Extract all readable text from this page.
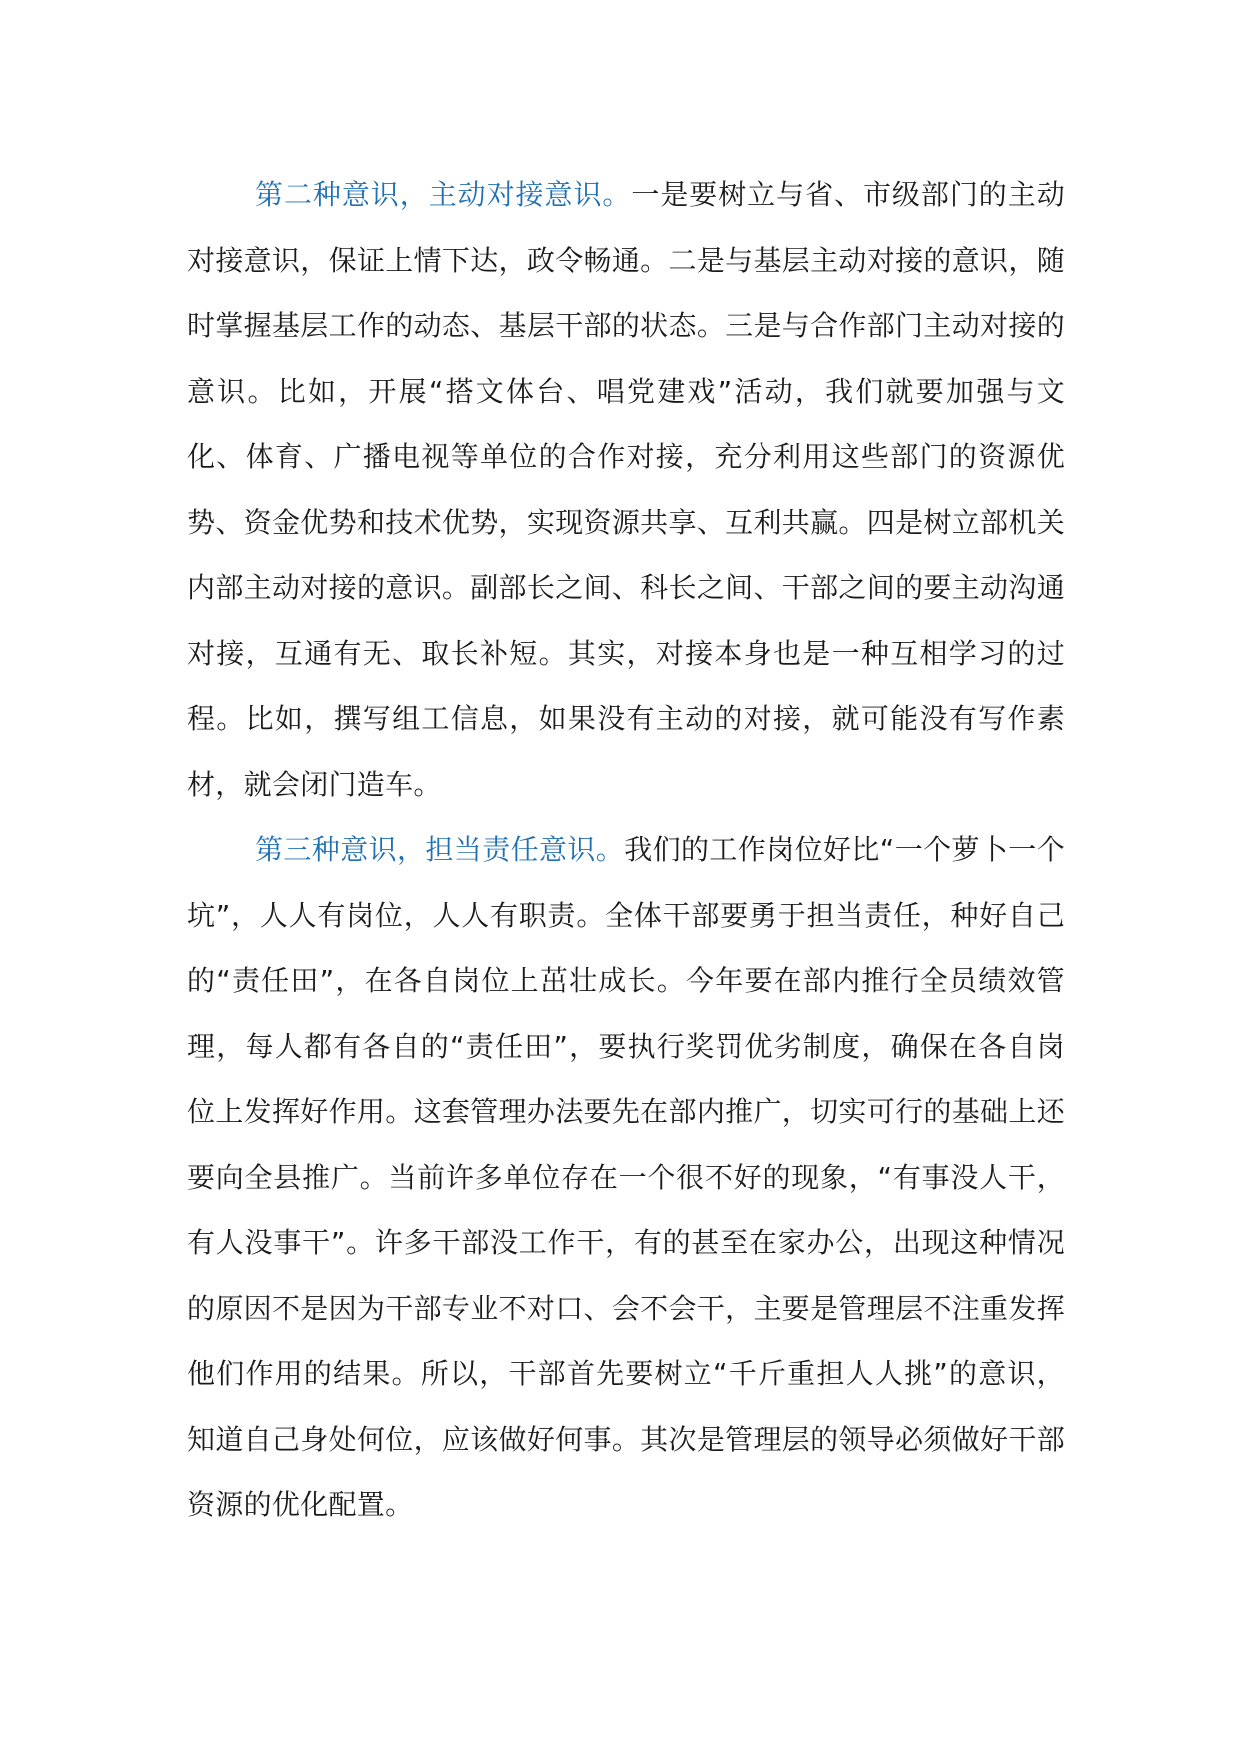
第二种意识，主动对接意识。一是要树立与省、市级部门的主动对接意识，保证上情下达，政令畅通。二是与基层主动对接的意识，随时掌握基层工作的动态、基层干部的状态。三是与合作部门主动对接的意识。比如，开展“搭文体台、唱党建戏”活动，我们就要加强与文化、体育、广播电视等单位的合作对接，充分利用这些部门的资源优势、资金优势和技术优势，实现资源共享、互利共赢。四是树立部机关内部主动对接的意识。副部长之间、科长之间、干部之间的要主动沟通对接，互通有无、取长补短。其实，对接本身也是一种互相学习的过程。比如，撰写组工信息，如果没有主动的对接，就可能没有写作素材，就会闭门造车。

第三种意识，担当责任意识。我们的工作岗位好比“一个萝卜一个坑”，人人有岗位，人人有职责。全体干部要勇于担当责任，种好自己的“责任田”，在各自岗位上茁壮成长。今年要在部内推行全员绩效管理，每人都有各自的“责任田”，要执行奖罚优劣制度，确保在各自岗位上发挥好作用。这套管理办法要先在部内推广，切实可行的基础上还要向全县推广。当前许多单位存在一个很不好的现象，“有事没人干，有人没事干”。许多干部没工作干，有的甚至在家办公，出现这种情况的原因不是因为干部专业不对口、会不会干，主要是管理层不注重发挥他们作用的结果。所以，干部首先要树立“千斤重担人人挑”的意识，知道自己身处何位，应该做好何事。其次是管理层的领导必须做好干部资源的优化配置。
